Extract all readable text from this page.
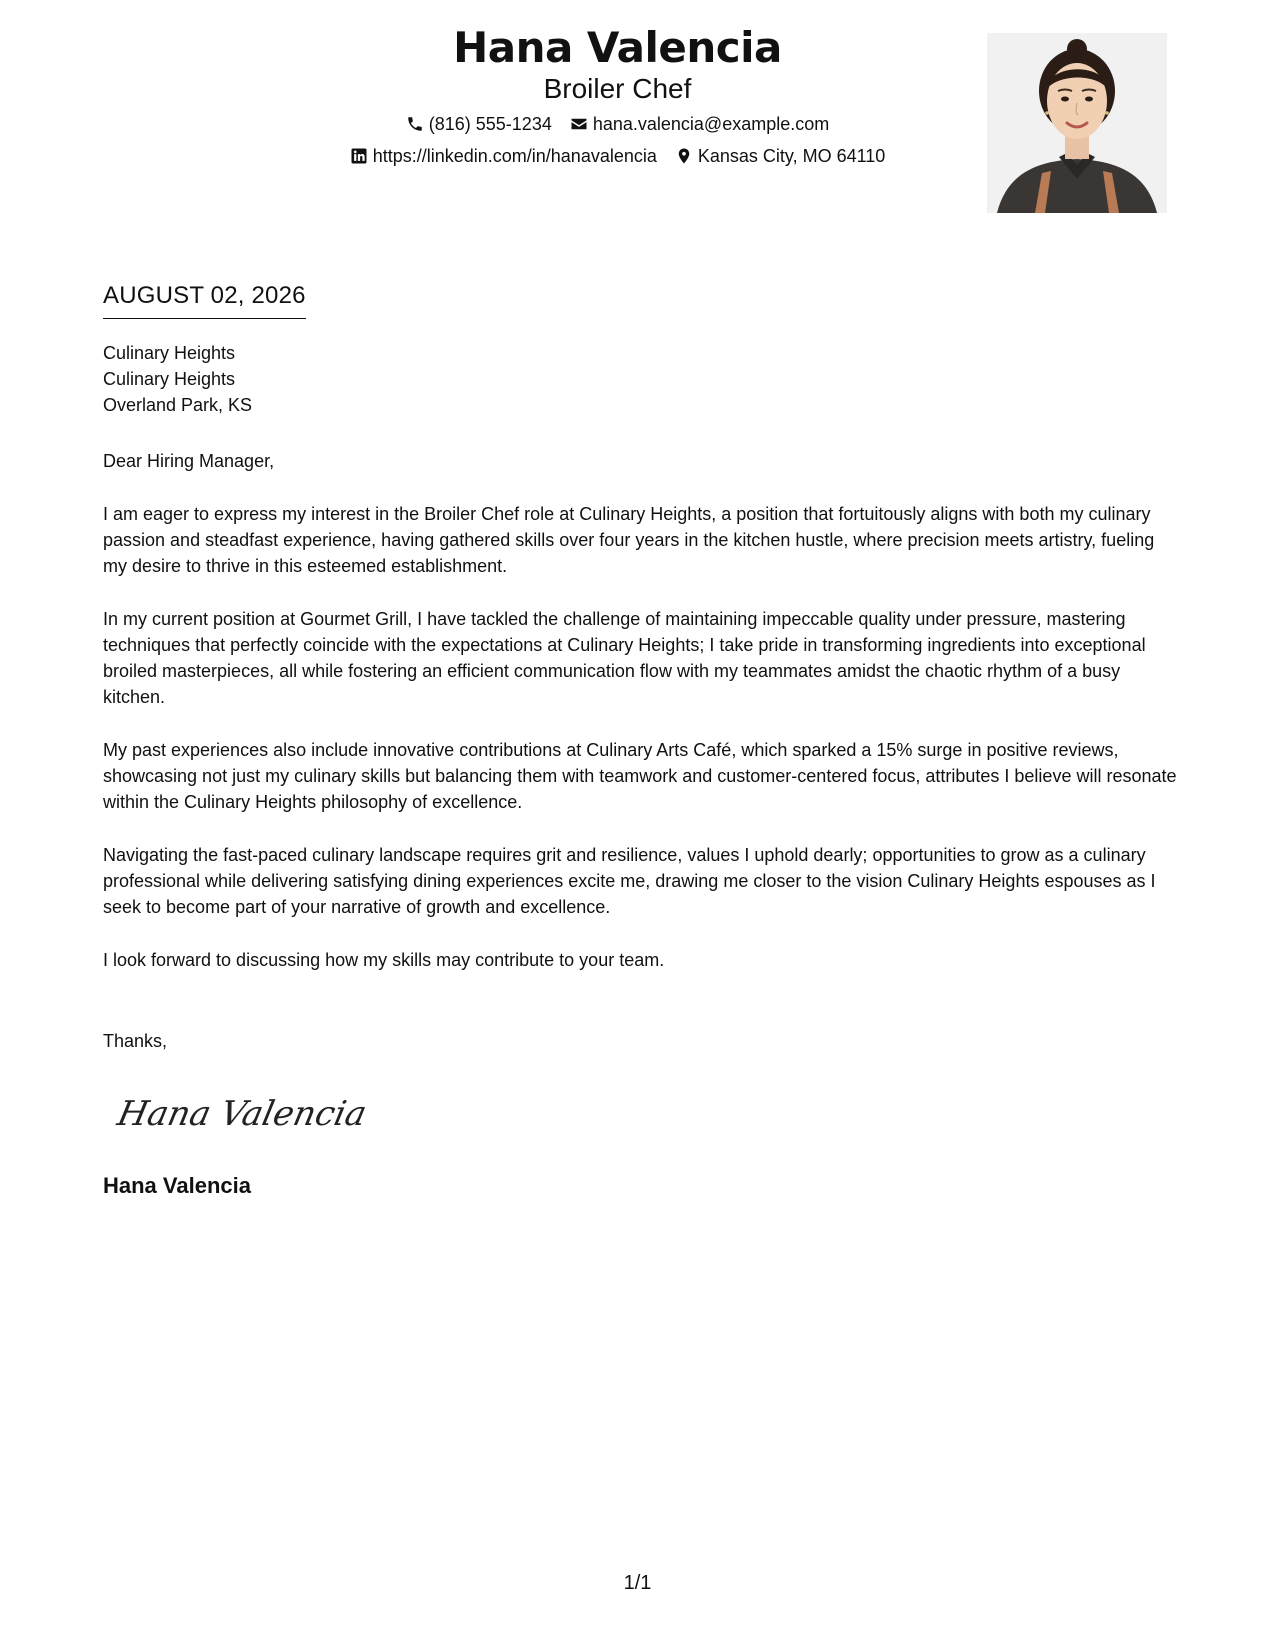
Hana Valencia
Broiler Chef
(816) 555-1234 hana.valencia@example.com
https://linkedin.com/in/hanavalencia Kansas City, MO 64110
AUGUST 02, 2026
Culinary Heights
Culinary Heights
Overland Park, KS

Dear Hiring Manager,

I am eager to express my interest in the Broiler Chef role at Culinary Heights, a position that fortuitously aligns with both my culinary passion and steadfast experience, having gathered skills over four years in the kitchen hustle, where precision meets artistry, fueling my desire to thrive in this esteemed establishment.

In my current position at Gourmet Grill, I have tackled the challenge of maintaining impeccable quality under pressure, mastering techniques that perfectly coincide with the expectations at Culinary Heights; I take pride in transforming ingredients into exceptional broiled masterpieces, all while fostering an efficient communication flow with my teammates amidst the chaotic rhythm of a busy kitchen.

My past experiences also include innovative contributions at Culinary Arts Café, which sparked a 15% surge in positive reviews, showcasing not just my culinary skills but balancing them with teamwork and customer-centered focus, attributes I believe will resonate within the Culinary Heights philosophy of excellence.

Navigating the fast-paced culinary landscape requires grit and resilience, values I uphold dearly; opportunities to grow as a culinary professional while delivering satisfying dining experiences excite me, drawing me closer to the vision Culinary Heights espouses as I seek to become part of your narrative of growth and excellence.

I look forward to discussing how my skills may contribute to your team.

Thanks,
Hana Valencia
Hana Valencia
1/1
